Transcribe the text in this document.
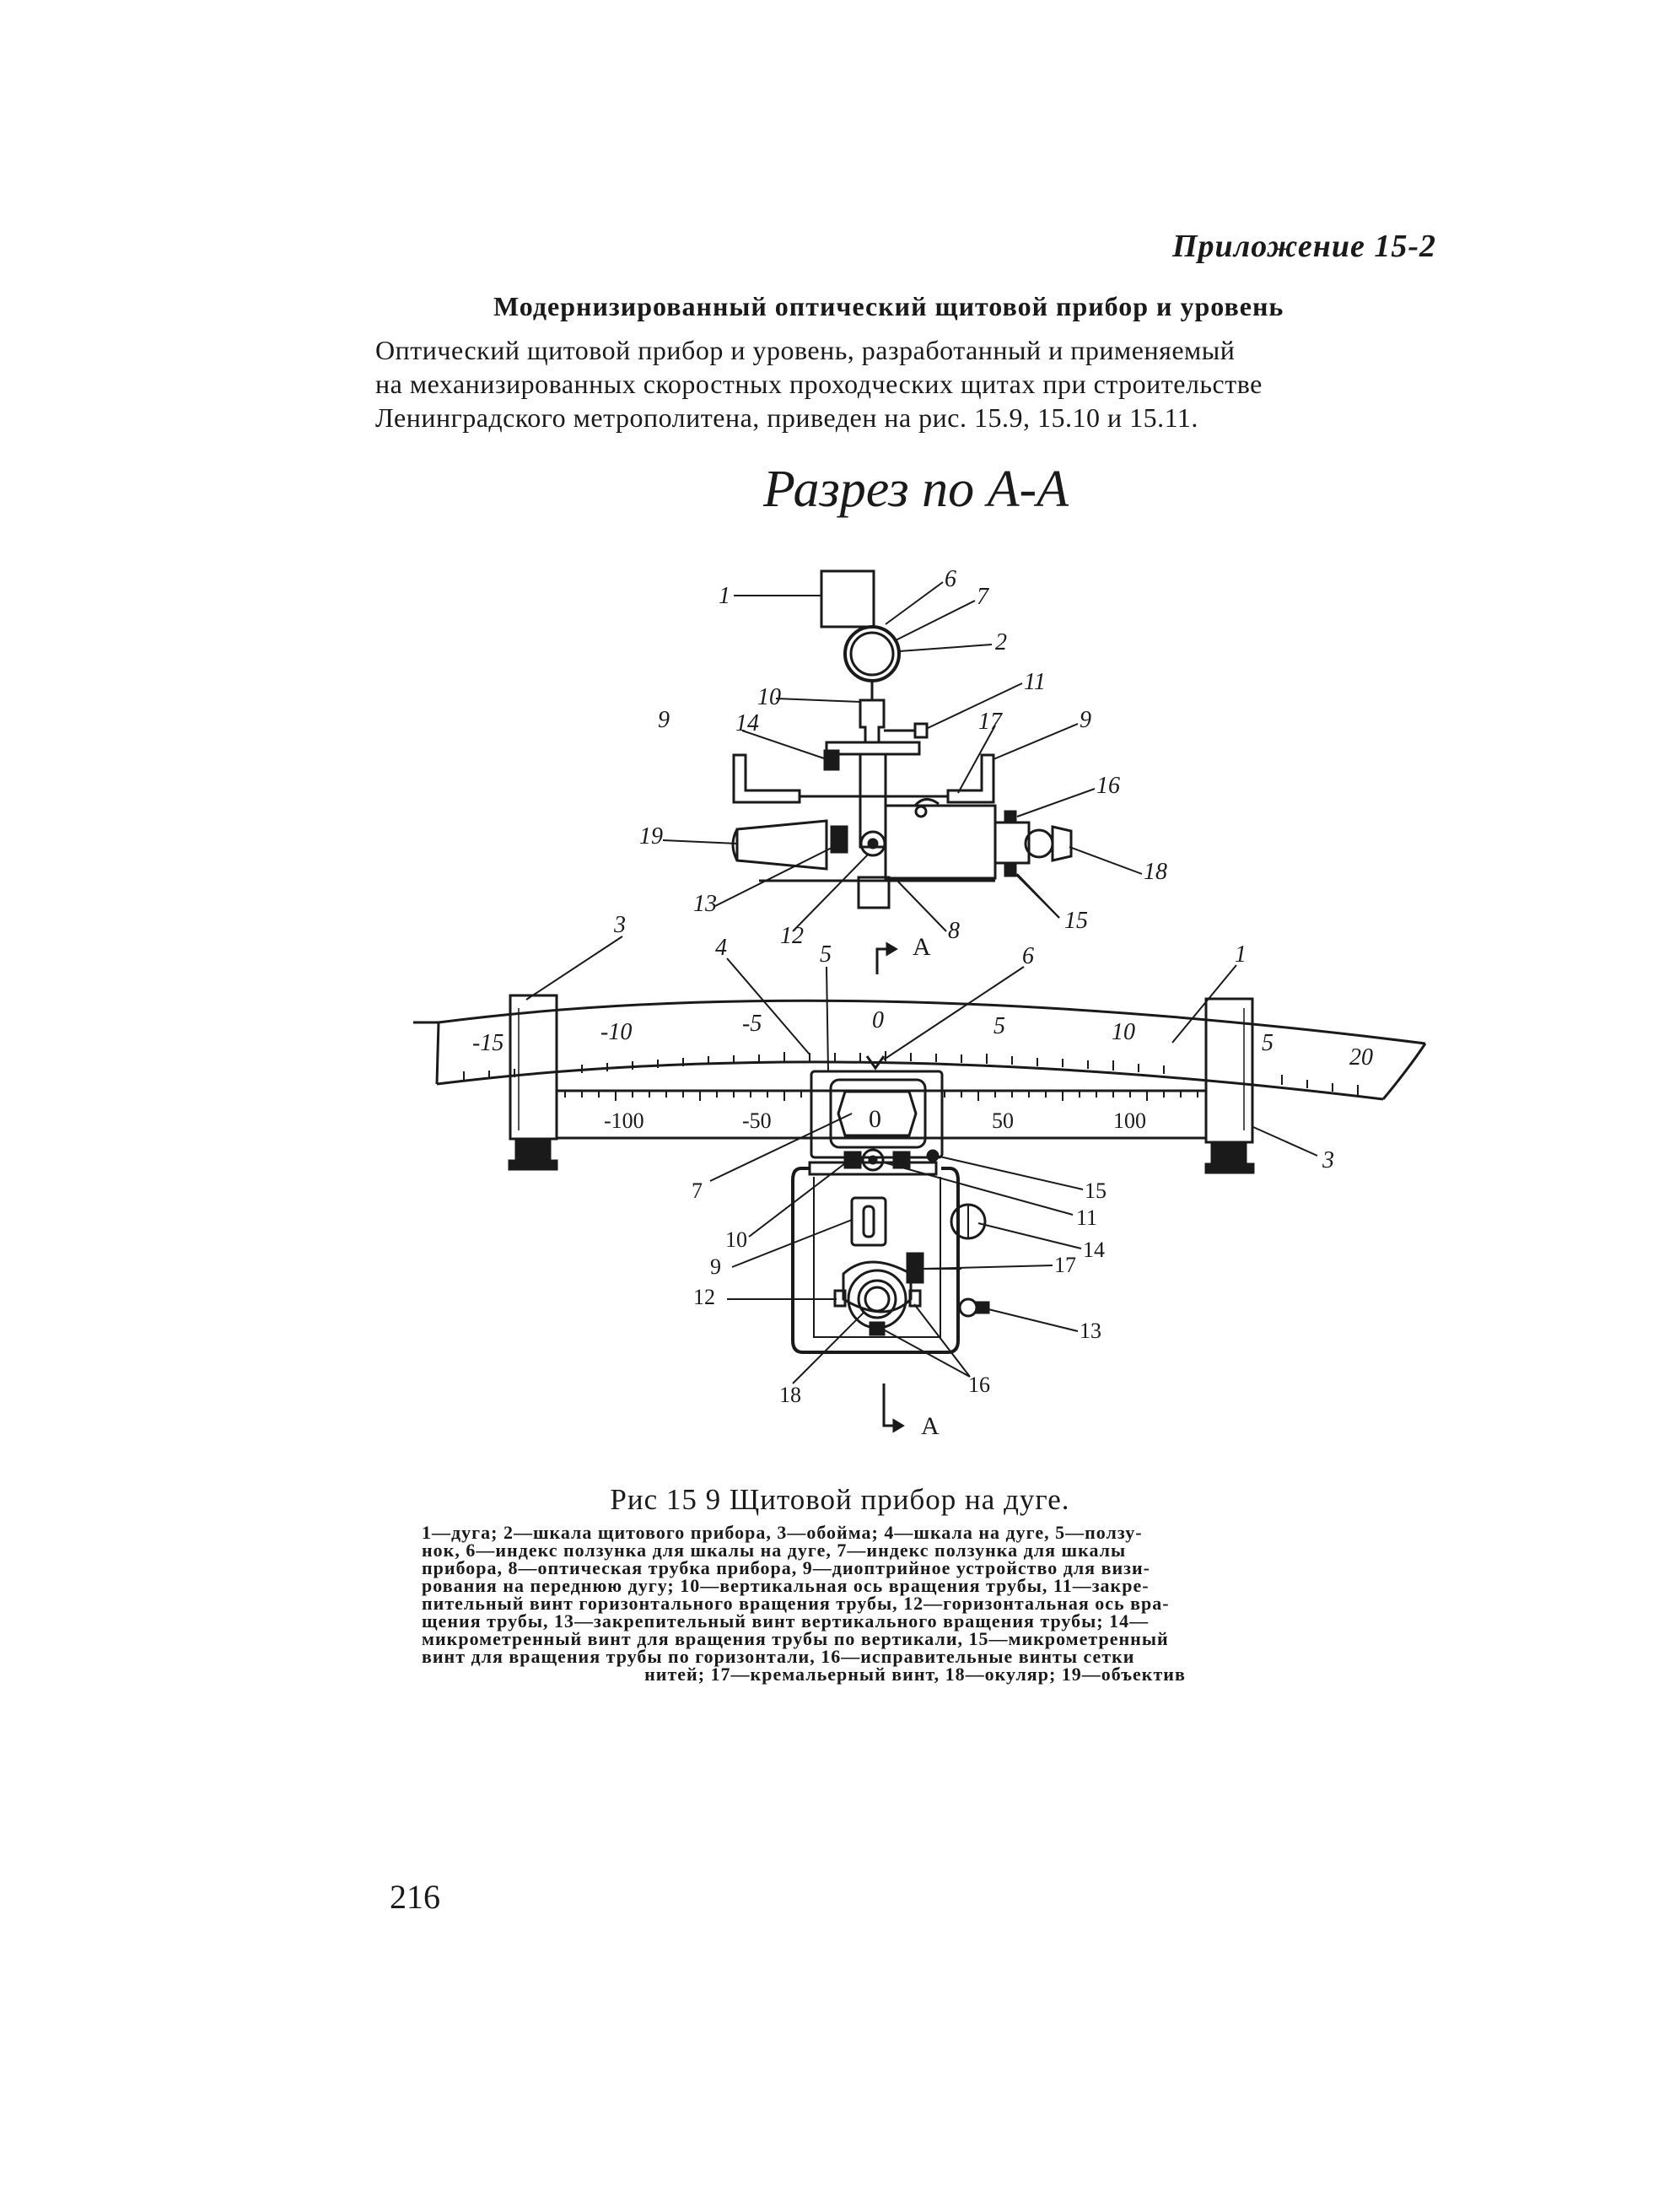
Приложение 15-2
Модернизированный оптический щитовой прибор и уровень
Оптический щитовой прибор и уровень, разработанный и применяемый
на механизированных скоростных проходческих щитах при строительстве
Ленинградского метрополитена, приведен на рис. 15.9, 15.10 и 15.11.
Разрез по А-А
1
6
7
2
10
11
9	14	17	9
16
19
18
13
12	8	15
А
А
-15	-10	-5	0	5	10	5
20
-100	-50	50	100
0
3
4	5	6	1
3
7	15
11
10	14
9	17
12
13
18	16
Рис 15 9 Щитовой прибор на дуге.
1—дуга; 2—шкала щитового прибора, 3—обойма; 4—шкала на дуге, 5—ползу-
нок, 6—индекс ползунка для шкалы на дуге, 7—индекс ползунка для шкалы
прибора, 8—оптическая трубка прибора, 9—диоптрийное устройство для визи-
рования на переднюю дугу; 10—вертикальная ось вращения трубы, 11—закре-
пительный винт горизонтального вращения трубы, 12—горизонтальная ось вра-
щения трубы, 13—закрепительный винт вертикального вращения трубы; 14—
микрометренный винт для вращения трубы по вертикали, 15—микрометренный
винт для вращения трубы по горизонтали, 16—исправительные винты сетки
нитей; 17—кремальерный винт, 18—окуляр; 19—объектив
216
